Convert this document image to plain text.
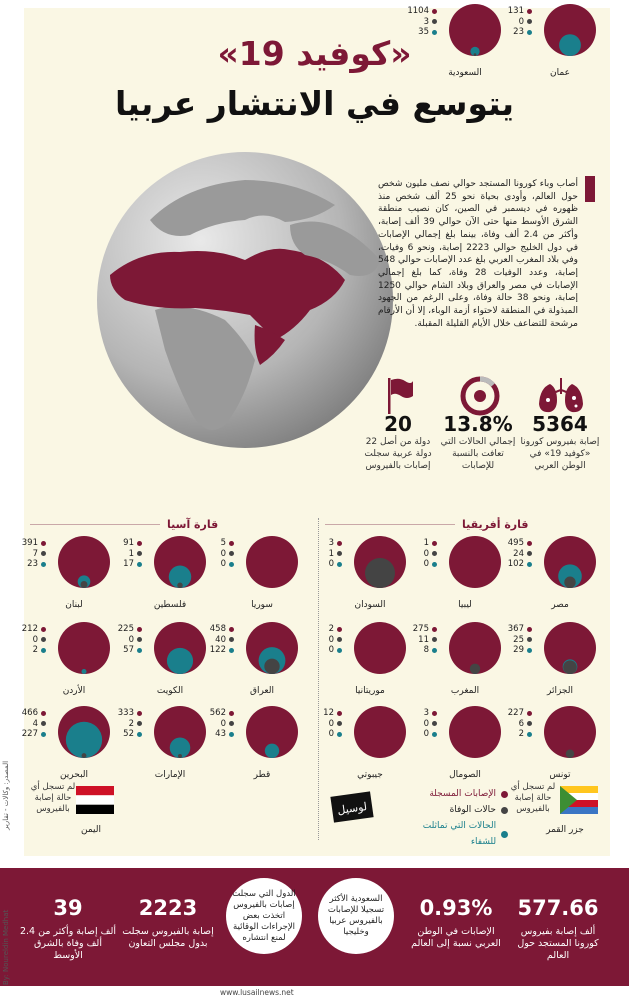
«كوفيد 19»
يتوسع في الانتشار عربيا
أصاب وباء كورونا المستجد حوالي نصف مليون شخص حول العالم، وأودى بحياة نحو 25 ألف شخص منذ ظهوره في ديسمبر في الصين، كان نصيب منطقة الشرق الأوسط منها حتى الآن حوالي 39 ألف إصابة، وأكثر من 2.4 ألف وفاة، بينما بلغ إجمالي الإصابات في دول الخليج حوالي 2223 إصابة، ونحو 6 وفيات، وفي بلاد المغرب العربي بلغ عدد الإصابات حوالي 548 إصابة، وعدد الوفيات 28 وفاة، كما بلغ إجمالي الإصابات في مصر والعراق وبلاد الشام حوالي 1250 إصابة، ونحو 38 حالة وفاة، وعلى الرغم من الجهود المبذولة في المنطقة لاحتواء أزمة الوباء، إلا أن الأرقام مرشحة للتضاعف خلال الأيام القليلة المقبلة.
5364
إصابة بفيروس كورونا «كوفيد 19» في الوطن العربي
13.8%
إجمالي الحالات التي تعافت بالنسبة للإصابات
20
دولة من أصل 22 دولة عربية سجلت إصابات بالفيروس
قارة أفريقيا
قارة آسيا
495
24
102
مصر
1
0
0
ليبيا
3
1
0
السودان
5
0
0
سوريا
91
1
17
فلسطين
391
7
23
لبنان
367
25
29
الجزائر
275
11
8
المغرب
2
0
0
موريتانيا
458
40
122
العراق
225
0
57
الكويت
212
0
2
الأردن
227
6
2
تونس
3
0
0
الصومال
12
0
0
جيبوتي
562
0
43
قطر
333
2
52
الإمارات
466
4
227
البحرين
131
0
23
عمان
1104
3
35
السعودية
لم تسجل أي حالة إصابة بالفيروس
جزر القمر
لم تسجل أي حالة إصابة بالفيروس
اليمن
الإصابات المسجلة
حالات الوفاة
الحالات التي تماثلت للشفاء
لوسيل
577.66
ألف إصابة بفيروس كورونا المستجد حول العالم
0.93%
الإصابات في الوطن العربي نسبة إلى العالم
السعودية الأكثر تسجيلا للإصابات بالفيروس عربيا وخليجيا
الدول التي سجلت إصابات بالفيروس اتخذت بعض الإجراءات الوقائية لمنع انتشاره
2223
إصابة بالفيروس سجلت بدول مجلس التعاون
39
ألف إصابة وأكثر من 2.4 ألف وفاة بالشرق الأوسط
المصدر: وكالات - تقارير
By: Noureldin Medhat
www.lusailnews.net
